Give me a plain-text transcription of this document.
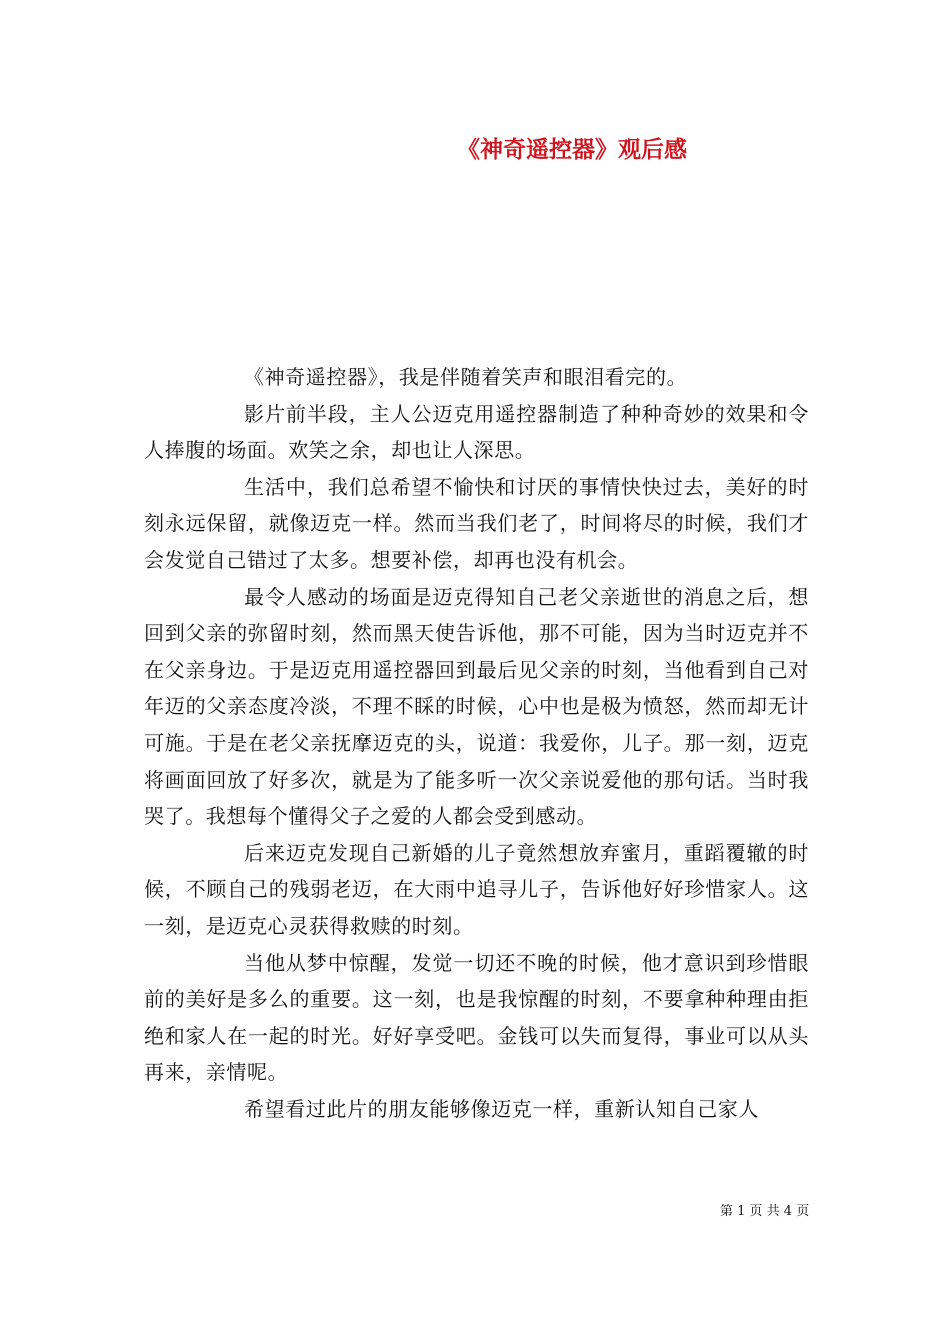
《神奇遥控器》观后感

《神奇遥控器》，我是伴随着笑声和眼泪看完的。

影片前半段，主人公迈克用遥控器制造了种种奇妙的效果和令人捧腹的场面。欢笑之余，却也让人深思。

生活中，我们总希望不愉快和讨厌的事情快快过去，美好的时刻永远保留，就像迈克一样。然而当我们老了，时间将尽的时候，我们才会发觉自己错过了太多。想要补偿，却再也没有机会。

最令人感动的场面是迈克得知自己老父亲逝世的消息之后，想回到父亲的弥留时刻，然而黑天使告诉他，那不可能，因为当时迈克并不在父亲身边。于是迈克用遥控器回到最后见父亲的时刻，当他看到自己对年迈的父亲态度冷淡，不理不睬的时候，心中也是极为愤怒，然而却无计可施。于是在老父亲抚摩迈克的头，说道：我爱你，儿子。那一刻，迈克将画面回放了好多次，就是为了能多听一次父亲说爱他的那句话。当时我哭了。我想每个懂得父子之爱的人都会受到感动。

后来迈克发现自己新婚的儿子竟然想放弃蜜月，重蹈覆辙的时候，不顾自己的残弱老迈，在大雨中追寻儿子，告诉他好好珍惜家人。这一刻，是迈克心灵获得救赎的时刻。

当他从梦中惊醒，发觉一切还不晚的时候，他才意识到珍惜眼前的美好是多么的重要。这一刻，也是我惊醒的时刻，不要拿种种理由拒绝和家人在一起的时光。好好享受吧。金钱可以失而复得，事业可以从头再来，亲情呢。

希望看过此片的朋友能够像迈克一样，重新认知自己家人

第 1 页 共 4 页
